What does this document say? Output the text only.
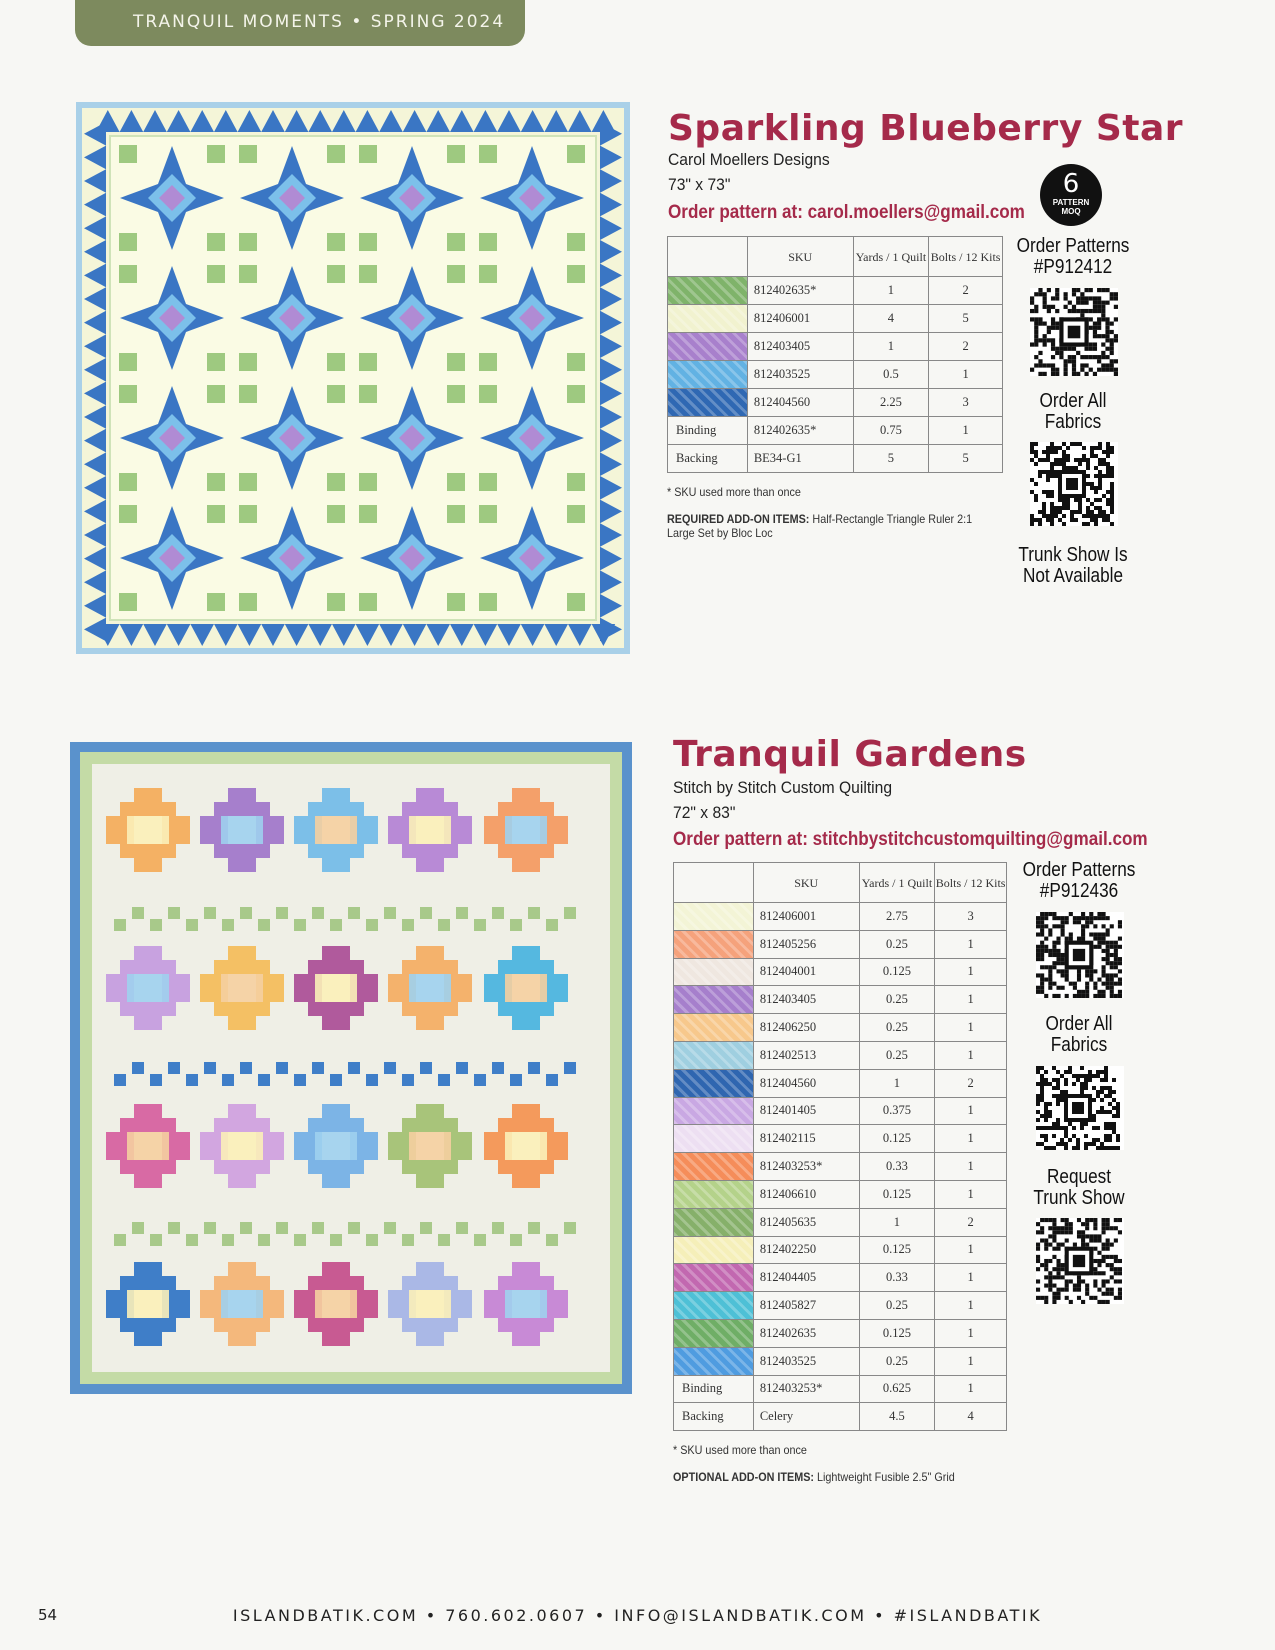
TRANQUIL MOMENTS • SPRING 2024
Sparkling Blueberry Star
Carol Moellers Designs
73" x 73"
Order pattern at: carol.moellers@gmail.com
6
PATTERN MOQ
	SKU	Yards / 1 Quilt	Bolts / 12 Kits

	812402635*	1	2

	812406001	4	5

	812403405	1	2

	812403525	0.5	1

	812404560	2.25	3
Binding	812402635*	0.75	1
Backing	BE34-G1	5	5
* SKU used more than once
REQUIRED ADD-ON ITEMS: Half-Rectangle Triangle Ruler 2:1 Large Set by Bloc Loc
Order Patterns
#P912412
Order All Fabrics
Trunk Show Is Not Available
Tranquil Gardens
Stitch by Stitch Custom Quilting
72" x 83"
Order pattern at: stitchbystitchcustomquilting@gmail.com
	SKU	Yards / 1 Quilt	Bolts / 12 Kits

	812406001	2.75	3

	812405256	0.25	1

	812404001	0.125	1

	812403405	0.25	1

	812406250	0.25	1

	812402513	0.25	1

	812404560	1	2

	812401405	0.375	1

	812402115	0.125	1

	812403253*	0.33	1

	812406610	0.125	1

	812405635	1	2

	812402250	0.125	1

	812404405	0.33	1

	812405827	0.25	1

	812402635	0.125	1

	812403525	0.25	1
Binding	812403253*	0.625	1
Backing	Celery	4.5	4
* SKU used more than once
OPTIONAL ADD-ON ITEMS: Lightweight Fusible 2.5" Grid
Order Patterns
#P912436
Order All Fabrics
Request Trunk Show
54	ISLANDBATIK.COM • 760.602.0607 • INFO@ISLANDBATIK.COM • #ISLANDBATIK
